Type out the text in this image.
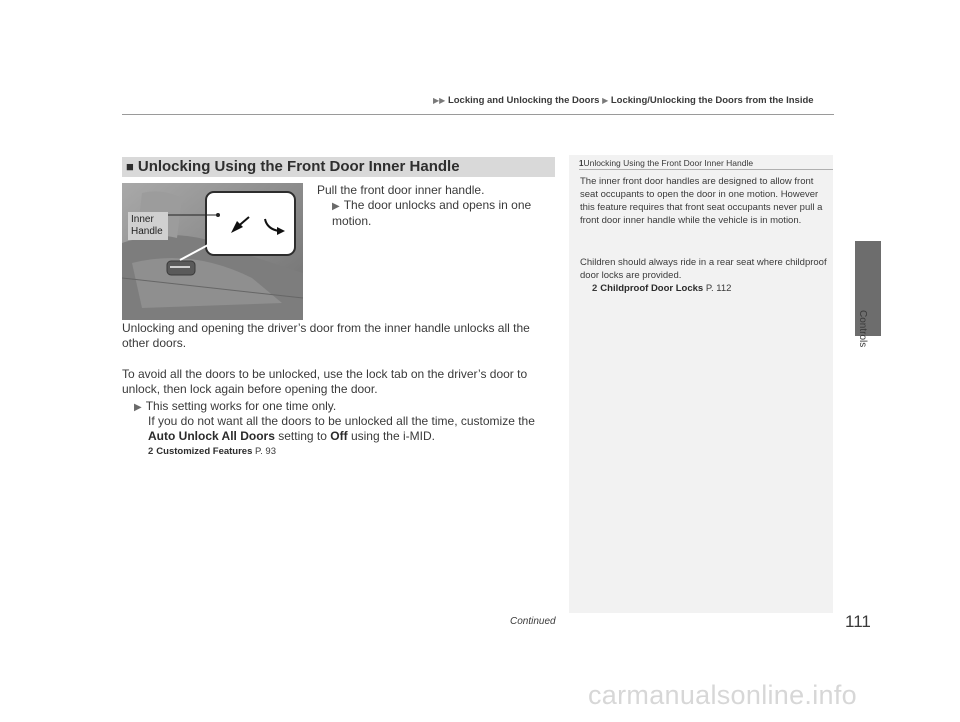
▶▶ Locking and Unlocking the Doors ▶ Locking/Unlocking the Doors from the Inside
Controls
■ Unlocking Using the Front Door Inner Handle
Inner Handle
Pull the front door inner handle.
▶ The door unlocks and opens in one motion.
Unlocking and opening the driver’s door from the inner handle unlocks all the other doors.
To avoid all the doors to be unlocked, use the lock tab on the driver’s door to unlock, then lock again before opening the door.
▶ This setting works for one time only.
If you do not want all the doors to be unlocked all the time, customize the Auto Unlock All Doors setting to Off using the i-MID.
2 Customized Features P. 93
1Unlocking Using the Front Door Inner Handle
The inner front door handles are designed to allow front seat occupants to open the door in one motion. However this feature requires that front seat occupants never pull a front door inner handle while the vehicle is in motion.
Children should always ride in a rear seat where childproof door locks are provided.
2 Childproof Door Locks P. 112
Continued	111
carmanualsonline.info
